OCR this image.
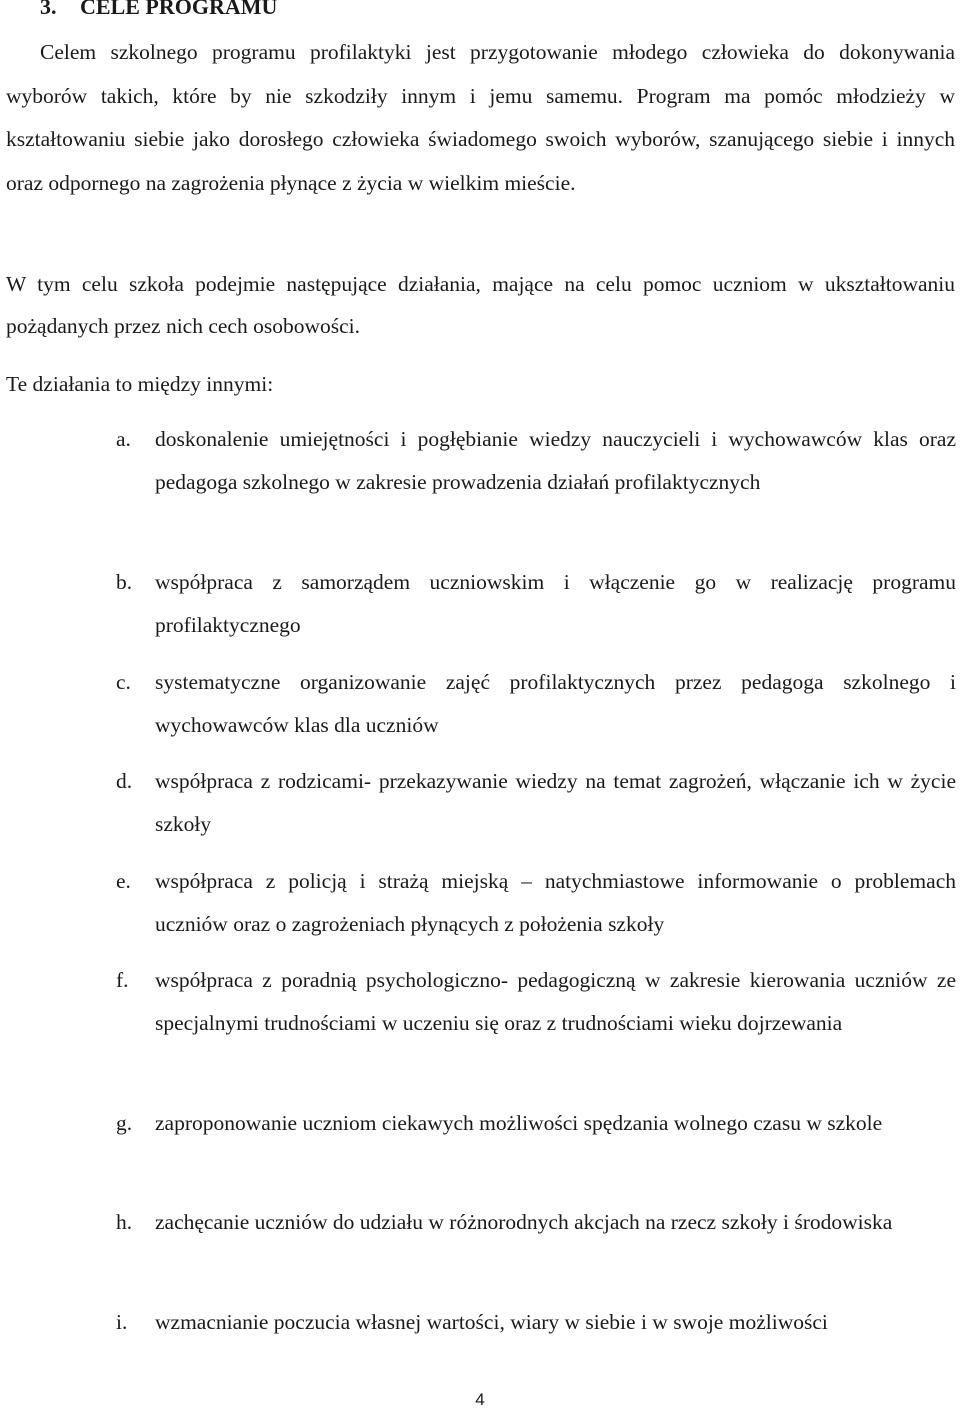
3. CELE PROGRAMU

Celem szkolnego programu profilaktyki jest przygotowanie młodego człowieka do dokonywania wyborów takich, które by nie szkodziły innym i jemu samemu. Program ma pomóc młodzieży w kształtowaniu siebie jako dorosłego człowieka świadomego swoich wyborów, szanującego siebie i innych oraz odpornego na zagrożenia płynące z życia w wielkim mieście.

W tym celu szkoła podejmie następujące działania, mające na celu pomoc uczniom w ukształtowaniu pożądanych przez nich cech osobowości.

Te działania to między innymi:

a. doskonalenie umiejętności i pogłębianie wiedzy nauczycieli i wychowawców klas oraz pedagoga szkolnego w zakresie prowadzenia działań profilaktycznych

b. współpraca z samorządem uczniowskim i włączenie go w realizację programu profilaktycznego

c. systematyczne organizowanie zajęć profilaktycznych przez pedagoga szkolnego i wychowawców klas dla uczniów

d. współpraca z rodzicami- przekazywanie wiedzy na temat zagrożeń, włączanie ich w życie szkoły

e. współpraca z policją i strażą miejską – natychmiastowe informowanie o problemach uczniów oraz o zagrożeniach płynących z położenia szkoły

f. współpraca z poradnią psychologiczno- pedagogiczną w zakresie kierowania uczniów ze specjalnymi trudnościami w uczeniu się oraz z trudnościami wieku dojrzewania

g. zaproponowanie uczniom ciekawych możliwości spędzania wolnego czasu w szkole

h. zachęcanie uczniów do udziału w różnorodnych akcjach na rzecz szkoły i środowiska

i. wzmacnianie poczucia własnej wartości, wiary w siebie i w swoje możliwości

4
